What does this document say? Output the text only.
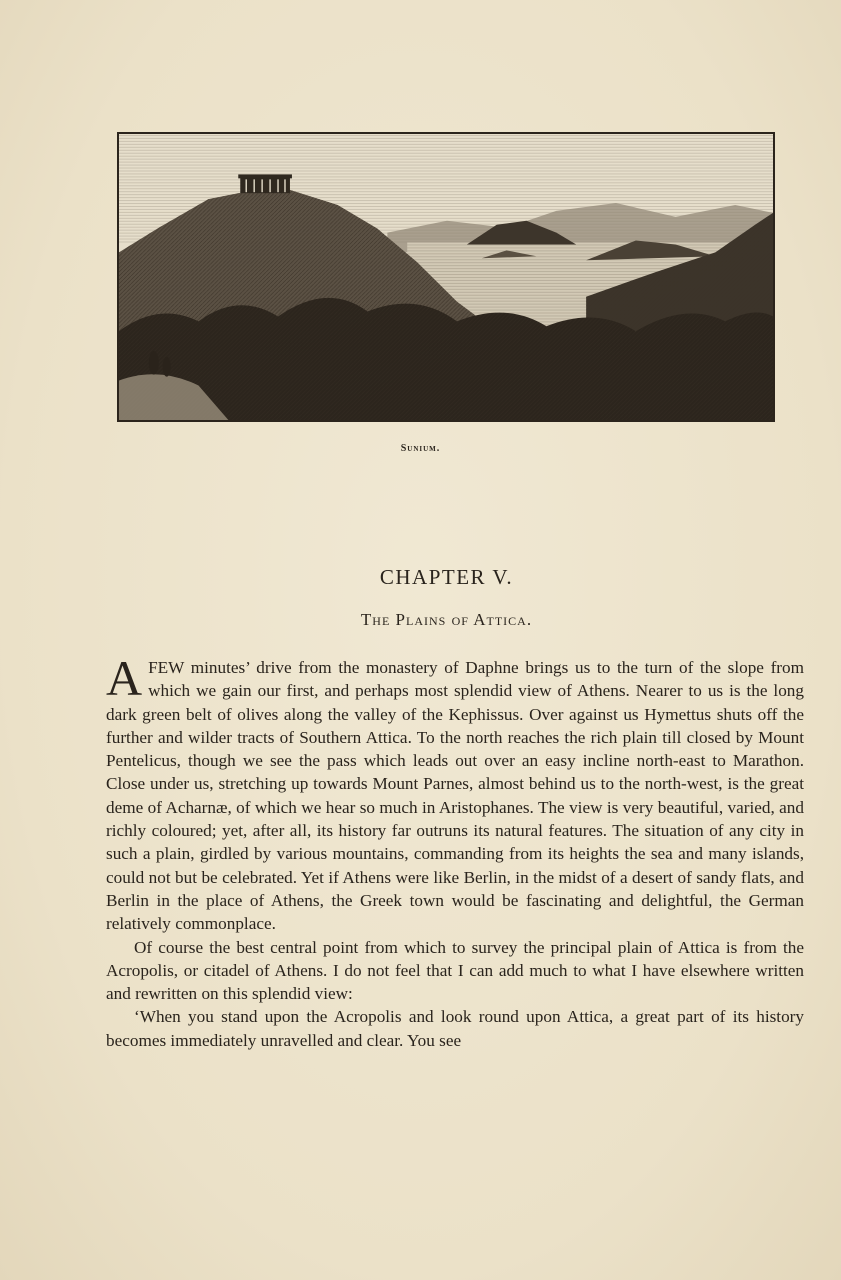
Sunium.
CHAPTER V.
The Plains of Attica.

AFEW minutes’ drive from the monastery of Daphne brings us to the turn of the slope from which we gain our first, and perhaps most splendid view of Athens. Nearer to us is the long dark green belt of olives along the valley of the Kephissus. Over against us Hymettus shuts off the further and wilder tracts of Southern Attica. To the north reaches the rich plain till closed by Mount Pentelicus, though we see the pass which leads out over an easy incline north-east to Marathon. Close under us, stretching up towards Mount Parnes, almost behind us to the north-west, is the great deme of Acharnæ, of which we hear so much in Aristophanes. The view is very beautiful, varied, and richly coloured; yet, after all, its history far outruns its natural features. The situation of any city in such a plain, girdled by various mountains, commanding from its heights the sea and many islands, could not but be celebrated. Yet if Athens were like Berlin, in the midst of a desert of sandy flats, and Berlin in the place of Athens, the Greek town would be fascinating and delightful, the German relatively commonplace.

Of course the best central point from which to survey the principal plain of Attica is from the Acropolis, or citadel of Athens. I do not feel that I can add much to what I have elsewhere written and rewritten on this splendid view:

‘When you stand upon the Acropolis and look round upon Attica, a great part of its history becomes immediately unravelled and clear. You see
